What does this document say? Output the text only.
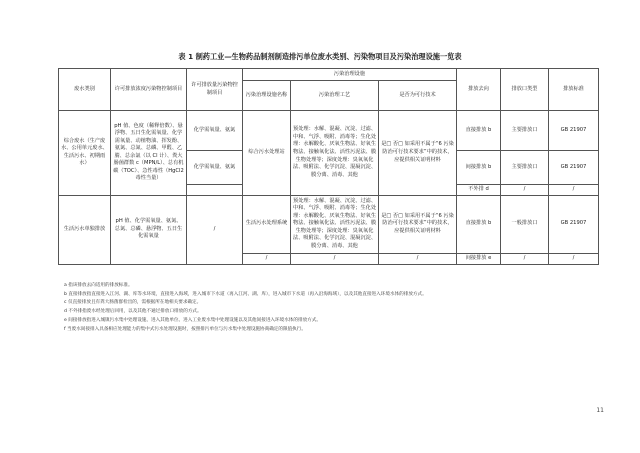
表 1 制药工业—生物药品制剂制造排污单位废水类别、污染物项目及污染治理设施一览表
废水类别	许可排放浓度污染物控制项目	许可排放量污染物控制项目	污染治理设施			排放去向	排放口类型	排放标准
			污染治理设施名称	污染治理工艺	是否为可行技术			
综合废水（生产废水、公用单元废水、生活污水、初期雨水）	pH 值、色度（稀释倍数）、悬浮物、五日生化需氧量、化学需氧量、动植物油、挥发酚、氨氮、总氮、总磷、甲醛、乙腈、总余氯（以 Cl 计）、粪大肠菌群数 c（MPN/L）、总有机碳（TOC）、急性毒性（HgCl2 毒性当量）	化学需氧量、氨氮	综合污水处理站	预处理：水解、混凝、沉淀、过滤、中和、气浮、吸附、消毒等；生化处理：水解酸化、厌氧生物法、好氧生物法、接触氧化法、活性污泥法、膜生物处理等；深度处理：臭氧氧化法、吸附法、化学沉淀、混凝沉淀、膜分离、消毒、其他	是□ 否□ 如采用不属于“6 污染防治可行技术要求”中的技术，应提供相关证明材料	直接排放 b	主要排放口	GB 21907
		化学需氧量、氨氮				间接排放 b	主要排放口	GB 21907
						不外排 d	/	/
生活污水单独排放	pH 值、化学需氧量、氨氮、总氮、总磷、悬浮物、五日生化需氧量	/	生活污水处理系统	预处理：水解、混凝、沉淀、过滤、中和、气浮、吸附、消毒等；生化处理：水解酸化、厌氧生物法、好氧生物法、接触氧化法、活性污泥法、膜生物处理等；深度处理：臭氧氧化法、吸附法、化学沉淀、混凝沉淀、膜分离、消毒、其他	是□ 否□ 如采用不属于“6 污染防治可行技术要求”中的技术，应提供相关证明材料	直接排放 b	一般排放口	GB 21907
			/	/	/	间接排放 e	/	/
a 指该排放去向适用的排放标准。
b 直接排放指直接进入江河、湖、库等水环境，直接进入海域，进入城市下水道（再入江河、湖、库），进入城市下水道（再入沿海海域），以及其他直接进入环境水体的排放方式。
c 仅直接排放且有粪大肠菌群检出的，需根据所在地相关要求确定。
d 不外排指废水经处理后回用，以及其他不通过排放口排放的方式。
e 间接排放指进入城镇污水集中处理设施、进入其他单位、进入工业废水集中处理设施以及其他间接进入环境水体的排放方式。
f 当废水间接排入具备相应处理能力的集中式污水处理设施时，按照排污单位与污水集中处理设施协商确定的限值执行。
11
